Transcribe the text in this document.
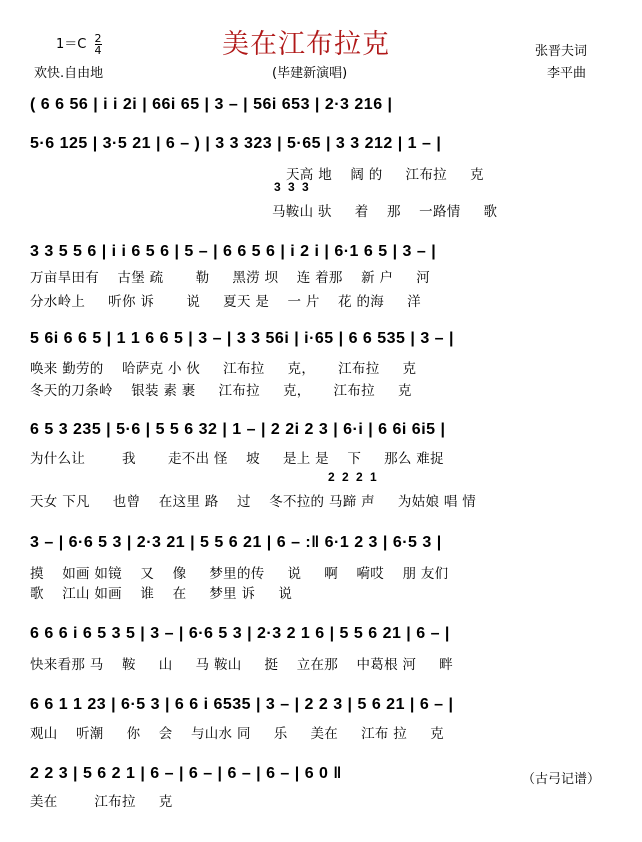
$1=C \frac{2}{4}$
欢快.自由地
美在江布拉克
(毕建新演唱)
张晋夫词
李平曲
( 6 6 56 | i i 2i | 66i 65 | 3 – | 56i 653 | 2·3 216 |
5·6 125 | 3·5 21 | 6 – ) | 3 3 323 | 5·65 | 3 3 212 | 1 – |
天高 地 　阔 的 　 江布拉 　 克
3 3 3
马鞍山 驮 　 着 　那 　一路情 　 歌
3 3 5 5 6 | i i 6 5 6 | 5 – | 6 6 5 6 | i 2 i | 6·1 6 5 | 3 – |
万亩旱田有 　古堡 疏 　　勒 　 黑涝 坝 　连 着那 　新 户 　 河
分水岭上 　 听你 诉 　　说 　 夏天 是 　一 片 　花 的海 　 洋
5 6i 6 6 5 | 1 1 6 6 5 | 3 – | 3 3 56i | i·65 | 6 6 535 | 3 – |
唤来 勤劳的 　哈萨克 小 伙 　 江布拉 　 克， 　 江布拉 　 克
冬天的刀条岭 　银装 素 裹 　 江布拉 　 克， 　 江布拉 　 克
6 5 3 235 | 5·6 | 5 5 6 32 | 1 – | 2 2i 2 3 | 6·i | 6 6i 6i5 |
为什么让 　　 我 　　走不出 怪 　坡 　 是上 是 　下 　 那么 难捉
2 2 2 1
天女 下凡 　 也曾 　在这里 路 　过 　冬不拉的 马蹄 声 　 为姑娘 唱 情
3 – | 6·6 5 3 | 2·3 21 | 5 5 6 21 | 6 – :‖ 6·1 2 3 | 6·5 3 |
摸 　如画 如镜 　又 　像 　 梦里的传 　 说 　 啊 　嗬哎 　朋 友们
歌 　江山 如画 　谁 　在 　 梦里 诉 　 说
6 6 6 i 6 5 3 5 | 3 – | 6·6 5 3 | 2·3 2 1 6 | 5 5 6 21 | 6 – |
快来看那 马 　鞍 　 山 　 马 鞍山 　 挺 　立在那 　中葛根 河 　 畔
6 6 1 1 23 | 6·5 3 | 6 6 i 6535 | 3 – | 2 2 3 | 5 6 21 | 6 – |
观山 　听潮 　 你 　会 　与山水 同 　 乐 　 美在 　 江布 拉 　 克
2 2 3 | 5 6 2 1 | 6 – | 6 – | 6 – | 6 – | 6 0 ‖
美在 　　 江布拉 　 克
（古弓记谱）
